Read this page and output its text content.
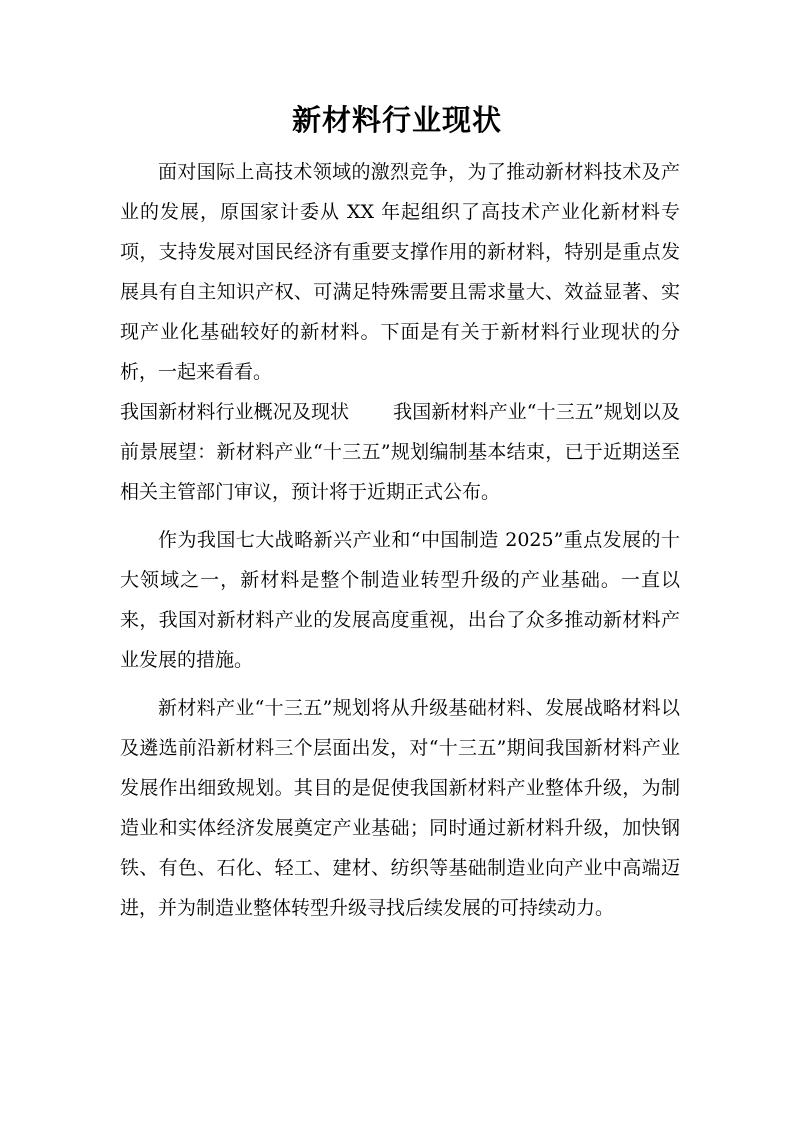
新材料行业现状

面对国际上高技术领域的激烈竞争，为了推动新材料技术及产业的发展，原国家计委从 XX 年起组织了高技术产业化新材料专项，支持发展对国民经济有重要支撑作用的新材料，特别是重点发展具有自主知识产权、可满足特殊需要且需求量大、效益显著、实现产业化基础较好的新材料。下面是有关于新材料行业现状的分析，一起来看看。

我国新材料行业概况及现状 我国新材料产业“十三五”规划以及前景展望：新材料产业“十三五”规划编制基本结束，已于近期送至相关主管部门审议，预计将于近期正式公布。

作为我国七大战略新兴产业和“中国制造 2025”重点发展的十大领域之一，新材料是整个制造业转型升级的产业基础。一直以来，我国对新材料产业的发展高度重视，出台了众多推动新材料产业发展的措施。

新材料产业“十三五”规划将从升级基础材料、发展战略材料以及遴选前沿新材料三个层面出发，对“十三五”期间我国新材料产业发展作出细致规划。其目的是促使我国新材料产业整体升级，为制造业和实体经济发展奠定产业基础；同时通过新材料升级，加快钢铁、有色、石化、轻工、建材、纺织等基础制造业向产业中高端迈进，并为制造业整体转型升级寻找后续发展的可持续动力。
